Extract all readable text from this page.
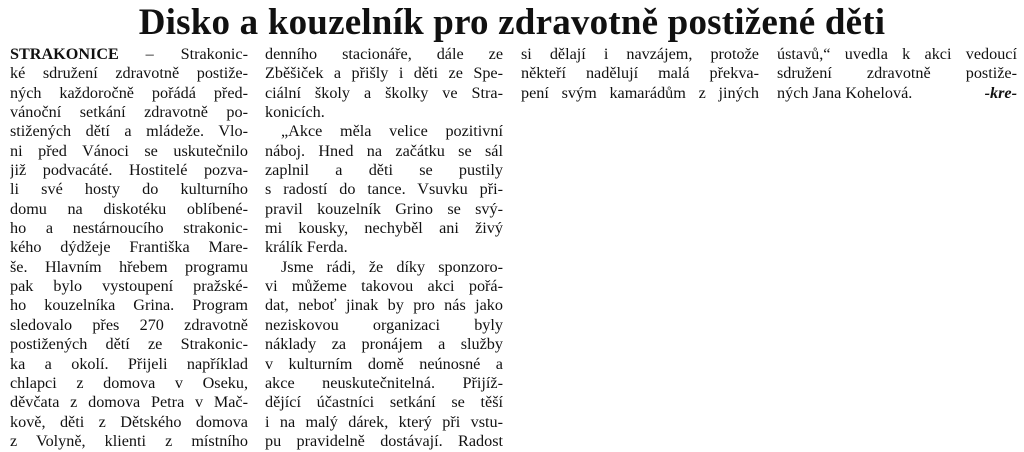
Disko a kouzelník pro zdravotně postižené děti
STRAKONICE – Strakonic-
ké sdružení zdravotně postiže-
ných každoročně pořádá před-
vánoční setkání zdravotně po-
stižených dětí a mládeže. Vlo-
ni před Vánoci se uskutečnilo
již podvacáté. Hostitelé pozva-
li své hosty do kulturního
domu na diskotéku oblíbené-
ho a nestárnoucího strakonic-
kého dýdžeje Františka Mare-
še. Hlavním hřebem programu
pak bylo vystoupení pražské-
ho kouzelníka Grina. Program
sledovalo přes 270 zdravotně
postižených dětí ze Strakonic-
ka a okolí. Přijeli například
chlapci z domova v Oseku,
děvčata z domova Petra v Mač-
kově, děti z Dětského domova
z Volyně, klienti z místního
denního stacionáře, dále ze
Zběšiček a přišly i děti ze Spe-
ciální školy a školky ve Stra-
konicích.
„Akce měla velice pozitivní
náboj. Hned na začátku se sál
zaplnil a děti se pustily
s radostí do tance. Vsuvku při-
pravil kouzelník Grino se svý-
mi kousky, nechyběl ani živý
králík Ferda.
Jsme rádi, že díky sponzoro-
vi můžeme takovou akci pořá-
dat, neboť jinak by pro nás jako
neziskovou organizaci byly
náklady za pronájem a služby
v kulturním domě neúnosné a
akce neuskutečnitelná. Přijíž-
dějící účastníci setkání se těší
i na malý dárek, který při vstu-
pu pravidelně dostávají. Radost
si dělají i navzájem, protože
někteří nadělují malá překva-
pení svým kamarádům z jiných
ústavů,“ uvedla k akci vedoucí
sdružení zdravotně postiže-
ných Jana Kohelová.	-kre-
